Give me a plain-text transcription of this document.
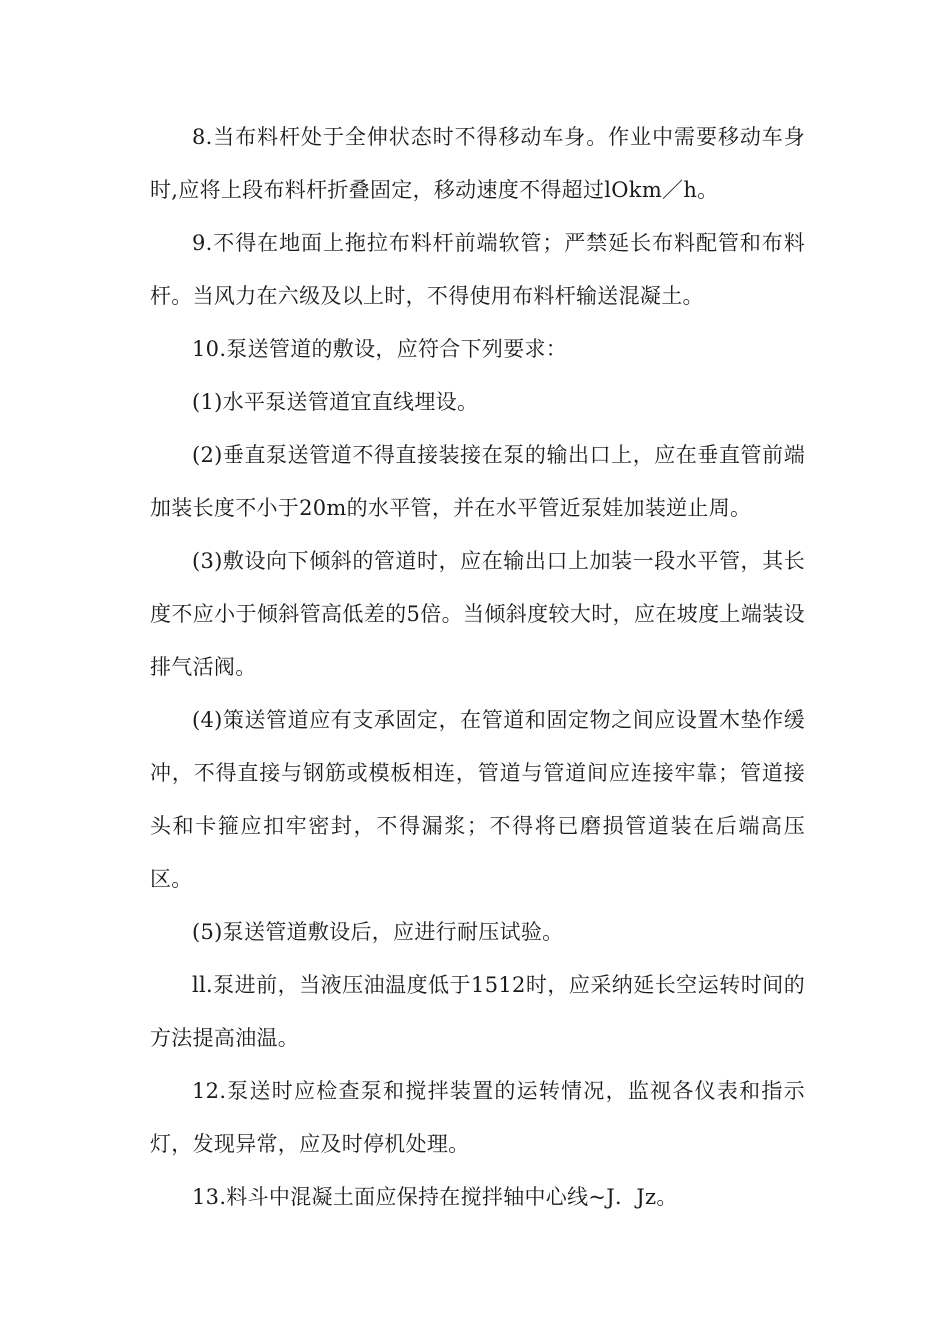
8.当布料杆处于全伸状态时不得移动车身。作业中需要移动车身时,应将上段布料杆折叠固定，移动速度不得超过lOkm／h。

9.不得在地面上拖拉布料杆前端软管；严禁延长布料配管和布料杆。当风力在六级及以上时，不得使用布料杆输送混凝土。

10.泵送管道的敷设，应符合下列要求：

(1)水平泵送管道宜直线埋设。

(2)垂直泵送管道不得直接装接在泵的输出口上，应在垂直管前端加装长度不小于20m的水平管，并在水平管近泵娃加装逆止周。

(3)敷设向下倾斜的管道时，应在输出口上加装一段水平管，其长度不应小于倾斜管高低差的5倍。当倾斜度较大时，应在坡度上端装设排气活阀。

(4)策送管道应有支承固定，在管道和固定物之间应设置木垫作缓冲，不得直接与钢筋或模板相连，管道与管道间应连接牢靠；管道接头和卡箍应扣牢密封，不得漏浆；不得将已磨损管道装在后端高压区。

(5)泵送管道敷设后，应进行耐压试验。

ll.泵进前，当液压油温度低于1512时，应采纳延长空运转时间的方法提高油温。

12.泵送时应检查泵和搅拌装置的运转情况，监视各仪表和指示灯，发现异常，应及时停机处理。

13.料斗中混凝土面应保持在搅拌轴中心线~J．Jz。
